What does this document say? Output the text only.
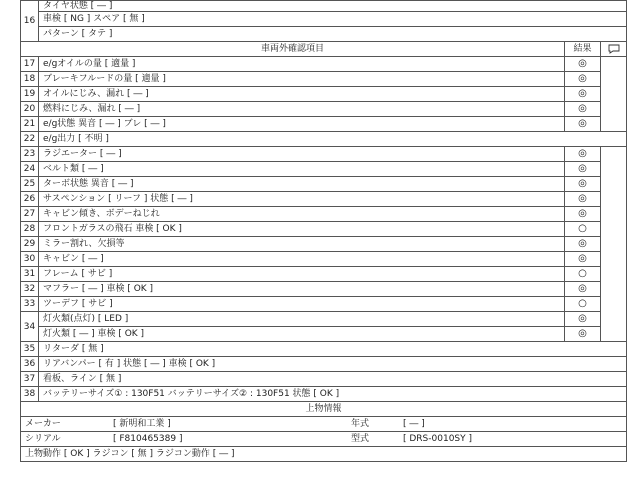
16	タイヤ状態 [ ― ]		
	車検 [ NG ] スペア [ 無 ]		
	パターン [ タテ ]		
車両外確認項目		結果	
17	e/gオイルの量 [ 適量 ]	◎	
18	ブレーキフルードの量 [ 適量 ]	◎	
19	オイルにじみ、漏れ [ ― ]	◎	
20	燃料にじみ、漏れ [ ― ]	◎	
21	e/g状態 異音 [ ― ] ブレ [ ― ]	◎	
22	e/g出力 [ 不明 ]		
23	ラジエーター [ ― ]	◎	
24	ベルト類 [ ― ]	◎	
25	ターボ状態 異音 [ ― ]	◎	
26	サスペンション [ リーフ ] 状態 [ ― ]	◎	
27	キャビン傾き、ボデーねじれ	◎	
28	フロントガラスの飛石 車検 [ OK ]	○	
29	ミラー割れ、欠損等	◎	
30	キャビン [ ― ]	◎	
31	フレーム [ サビ ]	○	
32	マフラー [ ― ] 車検 [ OK ]	◎	
33	ツーデフ [ サビ ]	○	
34	灯火類(点灯) [ LED ]	◎	
	灯火類 [ ― ] 車検 [ OK ]	◎	
35	リターダ [ 無 ]		
36	リアバンパー [ 有 ] 状態 [ ― ] 車検 [ OK ]		
37	看板、ライン [ 無 ]		
38	バッテリーサイズ① : 130F51 バッテリーサイズ② : 130F51 状態 [ OK ]		
上物情報			

メーカー [ 新明和工業 ] 年式 [ ― ]			

シリアル [ F810465389 ] 型式 [ DRS-0010SY ]			

上物動作 [ OK ] ラジコン [ 無 ] ラジコン動作 [ ― ]			
